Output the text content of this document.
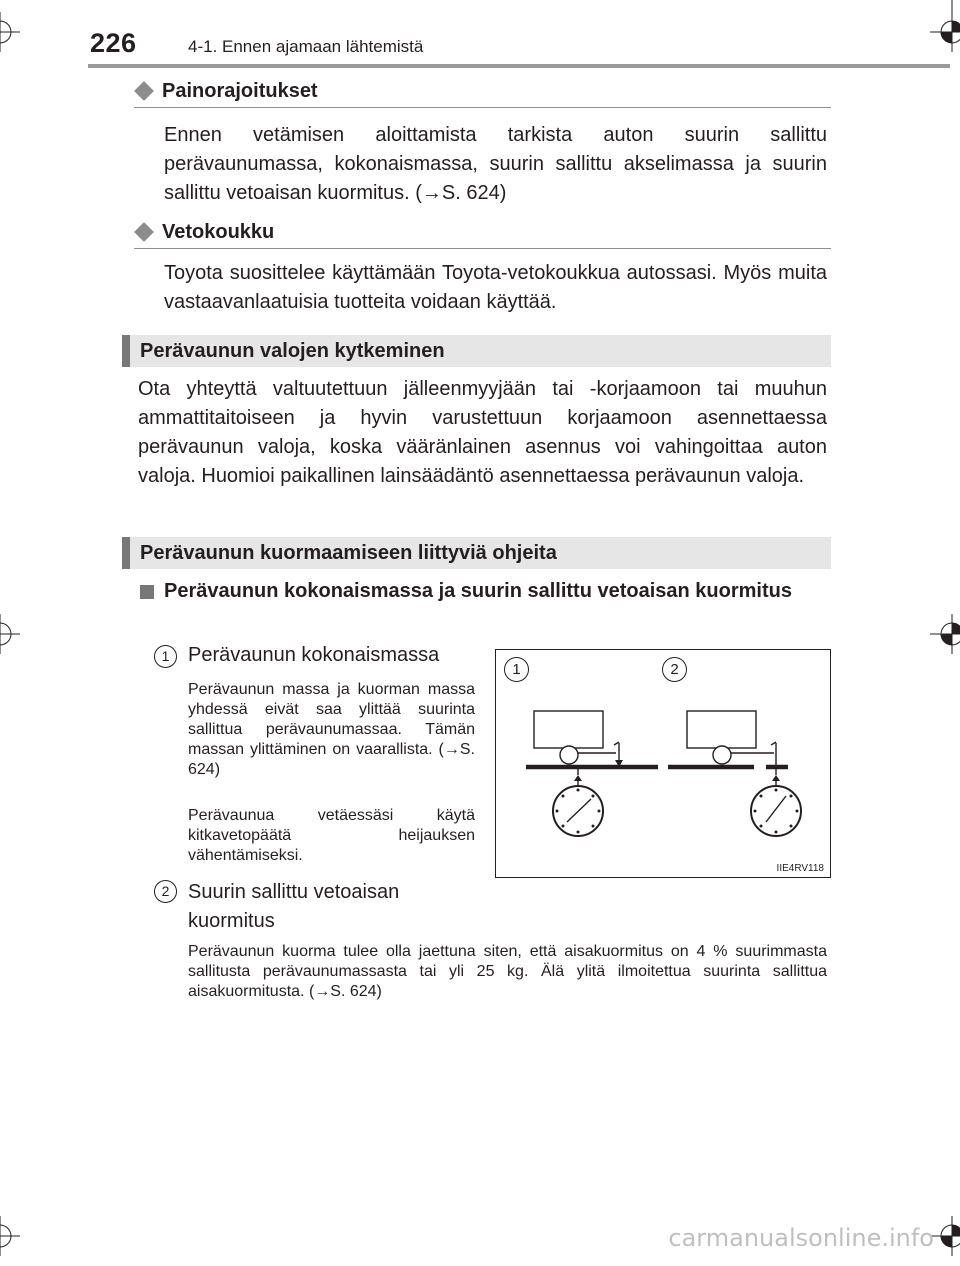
226	4-1. Ennen ajamaan lähtemistä
Painorajoitukset
Ennen vetämisen aloittamista tarkista auton suurin sallittu perävaunumassa, kokonaismassa, suurin sallittu akselimassa ja suurin sallittu vetoaisan kuormitus. (→S. 624)
Vetokoukku
Toyota suosittelee käyttämään Toyota-vetokoukkua autossasi. Myös muita vastaavanlaatuisia tuotteita voidaan käyttää.
Perävaunun valojen kytkeminen
Ota yhteyttä valtuutettuun jälleenmyyjään tai -korjaamoon tai muuhun ammattitaitoiseen ja hyvin varustettuun korjaamoon asennettaessa perävaunun valoja, koska vääränlainen asennus voi vahingoittaa auton valoja. Huomioi paikallinen lainsäädäntö asennettaessa perävaunun valoja.
Perävaunun kuormaamiseen liittyviä ohjeita
Perävaunun kokonaismassa ja suurin sallittu vetoaisan kuormitus
1 Perävaunun kokonaismassa
Perävaunun massa ja kuorman massa yhdessä eivät saa ylittää suurinta sallittua perävaunumassaa. Tämän massan ylittäminen on vaarallista. (→S. 624)
Perävaunua vetäessäsi käytä kitkavetopäätä heijauksen vähentämiseksi.
2 Suurin sallittu vetoaisan kuormitus
Perävaunun kuorma tulee olla jaettuna siten, että aisakuormitus on 4 % suurimmasta sallitusta perävaunumassasta tai yli 25 kg. Älä ylitä ilmoitettua suurinta sallittua aisakuormitusta. (→S. 624)
1	2
IIE4RV118
carmanualsonline.info
